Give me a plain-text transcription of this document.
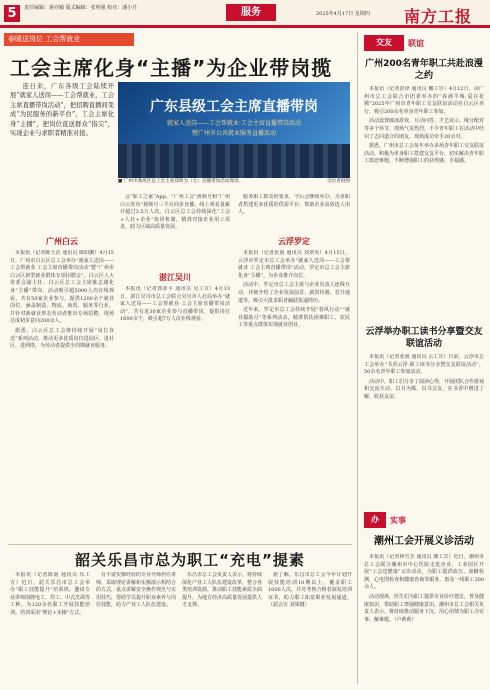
5	责任编辑：蒋亦颖 版式编辑：张明强 校对：潘小升	服务	2025年4月17日 星期四 南方工报
春暖送岗位 工会帮就业
工会主席化身“主播”为企业带岗揽
广东县级工会主席直播带岗
就家人送岗——工会帮就业·工会主席直播带岗活动
暨广州市公共就业服务直播活动
■ 广州市番禺区总工会主席郑明为（左）直播带岗活动现场。	受访者供图
连日来，广东各级工会陆续开展“就家人送岗——工会帮就业，工会主席直播带岗活动”，把招聘直播间变成“为民服务的新平台”，工会主席化身“主播”，把岗位直送群众“指尖”，实现企业与求职者精准对接。
广州白云

本报讯（记者陈玉洁 通讯员 陈阳鹏）4月15日，广州市白云区总工会举办“就家人送岗——工会帮就业 工会主席直播带岗活动”暨“广州市白云区新型就业群体专项招聘会”。白云区人大常委会副主任、白云区总工会主席陈志雄化身“主播”带岗，活动吸引超5000人次在线观看，共有50家企业参与，提供1200余个就业岗位，涵盖制造、物流、商贸、服务等行业，并针对新就业形态劳动者推出专场招聘，现场达成初步意向200余人。

据悉，白云区总工会将持续开展“岗位直送”系列活动，推动更多优质岗位进园区、进社区、进网络，为劳动者提供全周期就业服务。

会“职工之家”App、“广州工会”视频号和“广州白云发布”视频号三平台同步直播，线上观看量累计超过3.5万人次。白云区总工会持续深化“工会+人社+企业”协同机制，精准对接企业用工需求，助力区域高质量发展。
湛江吴川
本报讯（记者郑沛平 通讯员 吴工宣）4月13日，湛江吴川市总工会联合吴川市人社局举办“就家人送岗——工会帮就业·工会主席直播带岗活动”，共有近30家企业参与直播带岗，提供岗位1600余个，吸引超7万人次在线观看。
服务职工群众的要求，今后会继续举办，为求职者搭建更多优质的供需平台，帮助企业高效选人用人。
云浮罗定

本报讯（记者张南 通讯员 刘翠英）4月15日，云浮市罗定市总工会举办“就家人送岗——工会帮就业 工会主席直播带岗”活动，罗定市总工会主席化身“主播”，为企业推介岗位。

活动中，罗定市总工会主席与企业负责人连线互动，详细介绍了企业发展前景、薪资待遇、晋升通道等，吸引大批求职者踊跃投递简历。

近年来，罗定市总工会持续开展“春风行动”“就业援助月”等系列活动，精准帮扶困难职工、农民工等重点群体实现就业创业。

韶关乐昌市总为职工“充电”提素
本报讯（记者陈南 通讯员 乐工宣）近日，韶关乐昌市总工会举办“职工技能提升”培训班，邀请专业讲师围绕电工、焊工、中式烹调等工种，为120余名职工开展技能培训。培训采用“理论+实操”方式。
有丰富实操经验的专业导师担任讲师，采取理论讲解和实操演示相结合的方式，重点讲解安全操作规范与实用技巧，帮助学员提升职业素养与岗位技能，助力产业工人队伍建设。
乐昌市总工会负责人表示，将持续深化产业工人队伍建设改革，整合各类培训资源，推动职工技能素质全面提升，为地方经济高质量发展提供人才支撑。
据了解，乐昌市总工会今年计划开展技能培训10期以上，覆盖职工1000人次，并对考核合格者颁发培训证书，助力职工拓宽职业发展通道。（韶会宣 刘梁键）
交友	联谊
广州200名青年职工共赴浪漫之约

本报讯（记者彭泽 通讯员 穗工宣）4月12日，由广州市总工会联合市团委举办的“春满羊城·爱在花城”2025年广州市青年职工交友联谊活动在白云区举行，吸引200余名单身青年职工参加。

活动设置破冰游戏、互动问答、才艺展示、缘分配对等多个环节，现场气氛热烈，不少青年职工在活动中结识了志同道合的朋友，现场成功牵手20余对。

据悉，广州市总工会每年举办多场青年职工交友联谊活动，积极为单身职工搭建交友平台，切实解决青年职工婚恋难题，不断增强职工的获得感、幸福感。

云浮举办职工读书分享暨交友联谊活动

本报讯（记者张南 通讯员 云工宣）日前，云浮市总工会举办“书香云浮·职工读书分享暨交友联谊活动”，50余名青年职工参加活动。

活动中，职工们分享了阅读心得，开展团队合作游戏和交流互动，以书为媒、以书会友，在书香中增进了解、收获友谊。

办	实事
潮州工会开展义诊活动

本报讯（记者林雪芳 通讯员 潮工宣）近日，潮州市总工会联合潮州市中心医院走进企业、工业园区开展“工会送健康”义诊活动，为职工提供血压、血糖检测，心电图检查和健康咨询等服务，惠及一线职工300余人。

活动现场，医生们为职工提供专业诊疗建议，普及健康知识，帮助职工增强健康意识。潮州市总工会相关负责人表示，将持续推动服务下沉，用心用情为职工办实事、解难题。（卢莉莉）
